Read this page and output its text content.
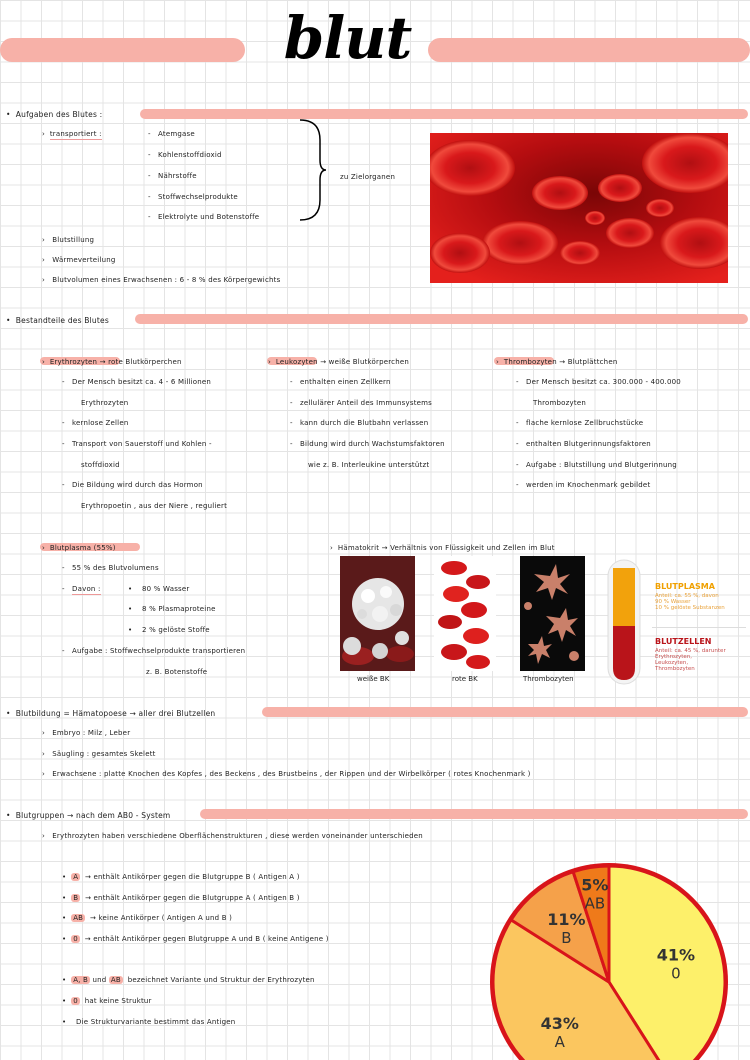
blut
• Aufgaben des Blutes :
›  transportiert :	-   Atemgase
-   Kohlenstoffdioxid
-   Nährstoffe
-   Stoffwechselprodukte
-   Elektrolyte und Botenstoffe
zu Zielorganen
›   Blutstillung
›   Wärmeverteilung
›   Blutvolumen eines Erwachsenen : 6 - 8 % des Körpergewichts
• Bestandteile des Blutes
›  Erythrozyten → rote Blutkörperchen
-   Der Mensch besitzt ca. 4 - 6 Millionen
Erythrozyten
-   kernlose Zellen
-   Transport von Sauerstoff und Kohlen -
stoffdioxid
-   Die Bildung wird durch das Hormon
Erythropoetin , aus der Niere , reguliert
›  Leukozyten → weiße Blutkörperchen
-   enthalten einen Zellkern
-   zellulärer Anteil des Immunsystems
-   kann durch die Blutbahn verlassen
-   Bildung wird durch Wachstumsfaktoren
wie z. B. Interleukine unterstützt
›  Thrombozyten → Blutplättchen
-   Der Mensch besitzt ca. 300.000 - 400.000
Thrombozyten
-   flache kernlose Zellbruchstücke
-   enthalten Blutgerinnungsfaktoren
-   Aufgabe : Blutstillung und Blutgerinnung
-   werden im Knochenmark gebildet
›  Blutplasma (55%)
-   55 % des Blutvolumens
-   Davon :	•    80 % Wasser
•    8 % Plasmaproteine
•    2 % gelöste Stoffe
-   Aufgabe : Stoffwechselprodukte transportieren
z. B. Botenstoffe
›  Hämatokrit → Verhältnis von Flüssigkeit und Zellen im Blut
weiße BK	rote BK	Thrombozyten
BLUTPLASMA
Anteil: ca. 55 %, davon
90 % Wasser
10 % gelöste Substanzen
BLUTZELLEN
Anteil: ca. 45 %, darunter
Erythrozyten,
Leukozyten,
Thrombozyten
• Blutbildung = Hämatopoese → aller drei Blutzellen
›   Embryo : Milz , Leber
›   Säugling : gesamtes Skelett
›   Erwachsene : platte Knochen des Kopfes , des Beckens , des Brustbeins , der Rippen und der Wirbelkörper ( rotes Knochenmark )
• Blutgruppen → nach dem AB0 - System
›   Erythrozyten haben verschiedene Oberflächenstrukturen , diese werden voneinander unterschieden
•  A → enthält Antikörper gegen die Blutgruppe B ( Antigen A )
•  B → enthält Antikörper gegen die Blutgruppe A ( Antigen B )
•  AB → keine Antikörper ( Antigen A und B )
•  0 → enthält Antikörper gegen Blutgruppe A und B ( keine Antigene )
•  A, B und AB bezeichnet Variante und Struktur der Erythrozyten
•  0 hat keine Struktur
•    Die Strukturvariante bestimmt das Antigen
41%
0
43%
A
11%
B
5%
AB
